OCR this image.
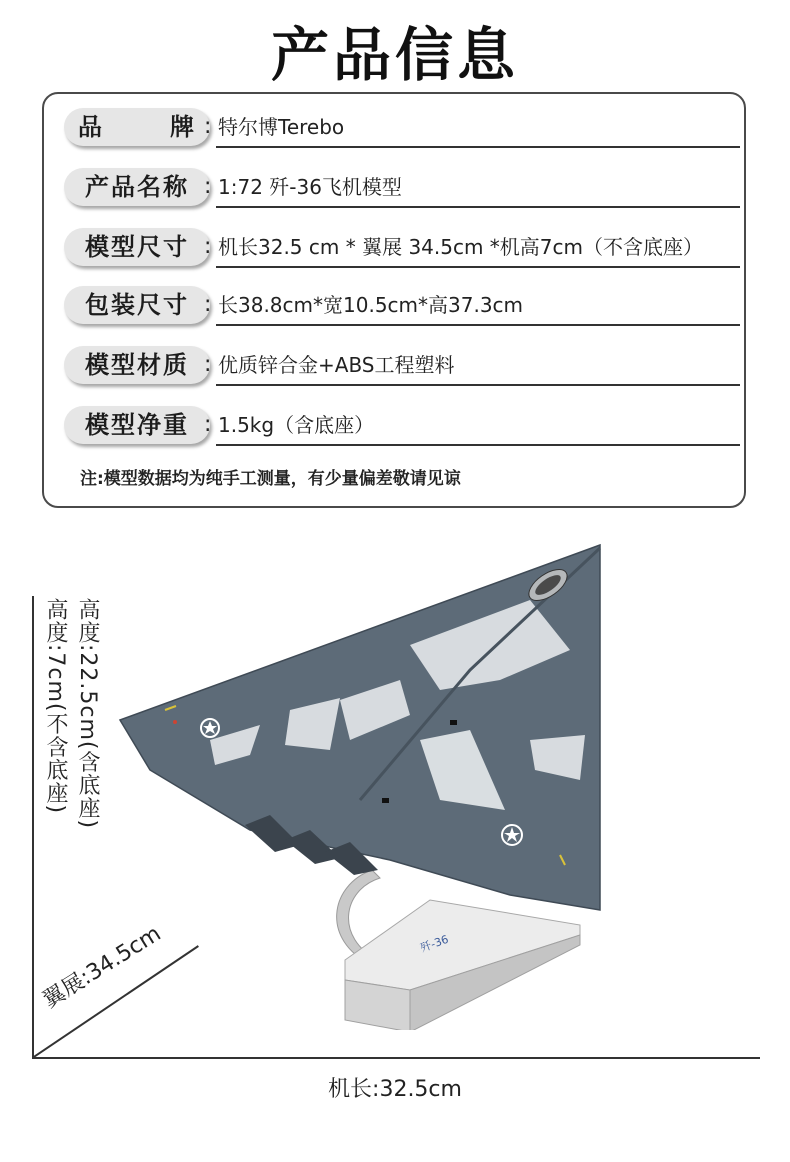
产品信息
品　　牌 : 特尔博Terebo
产品名称 : 1:72 歼-36飞机模型
模型尺寸 : 机长32.5 cm * 翼展 34.5cm *机高7cm（不含底座）
包装尺寸 : 长38.8cm*宽10.5cm*高37.3cm
模型材质 : 优质锌合金+ABS工程塑料
模型净重 : 1.5kg（含底座）
注:模型数据均为纯手工测量，有少量偏差敬请见谅
歼-36
高度:22.5cm(含底座)
高度:7cm(不含底座)
翼展:34.5cm
机长:32.5cm
